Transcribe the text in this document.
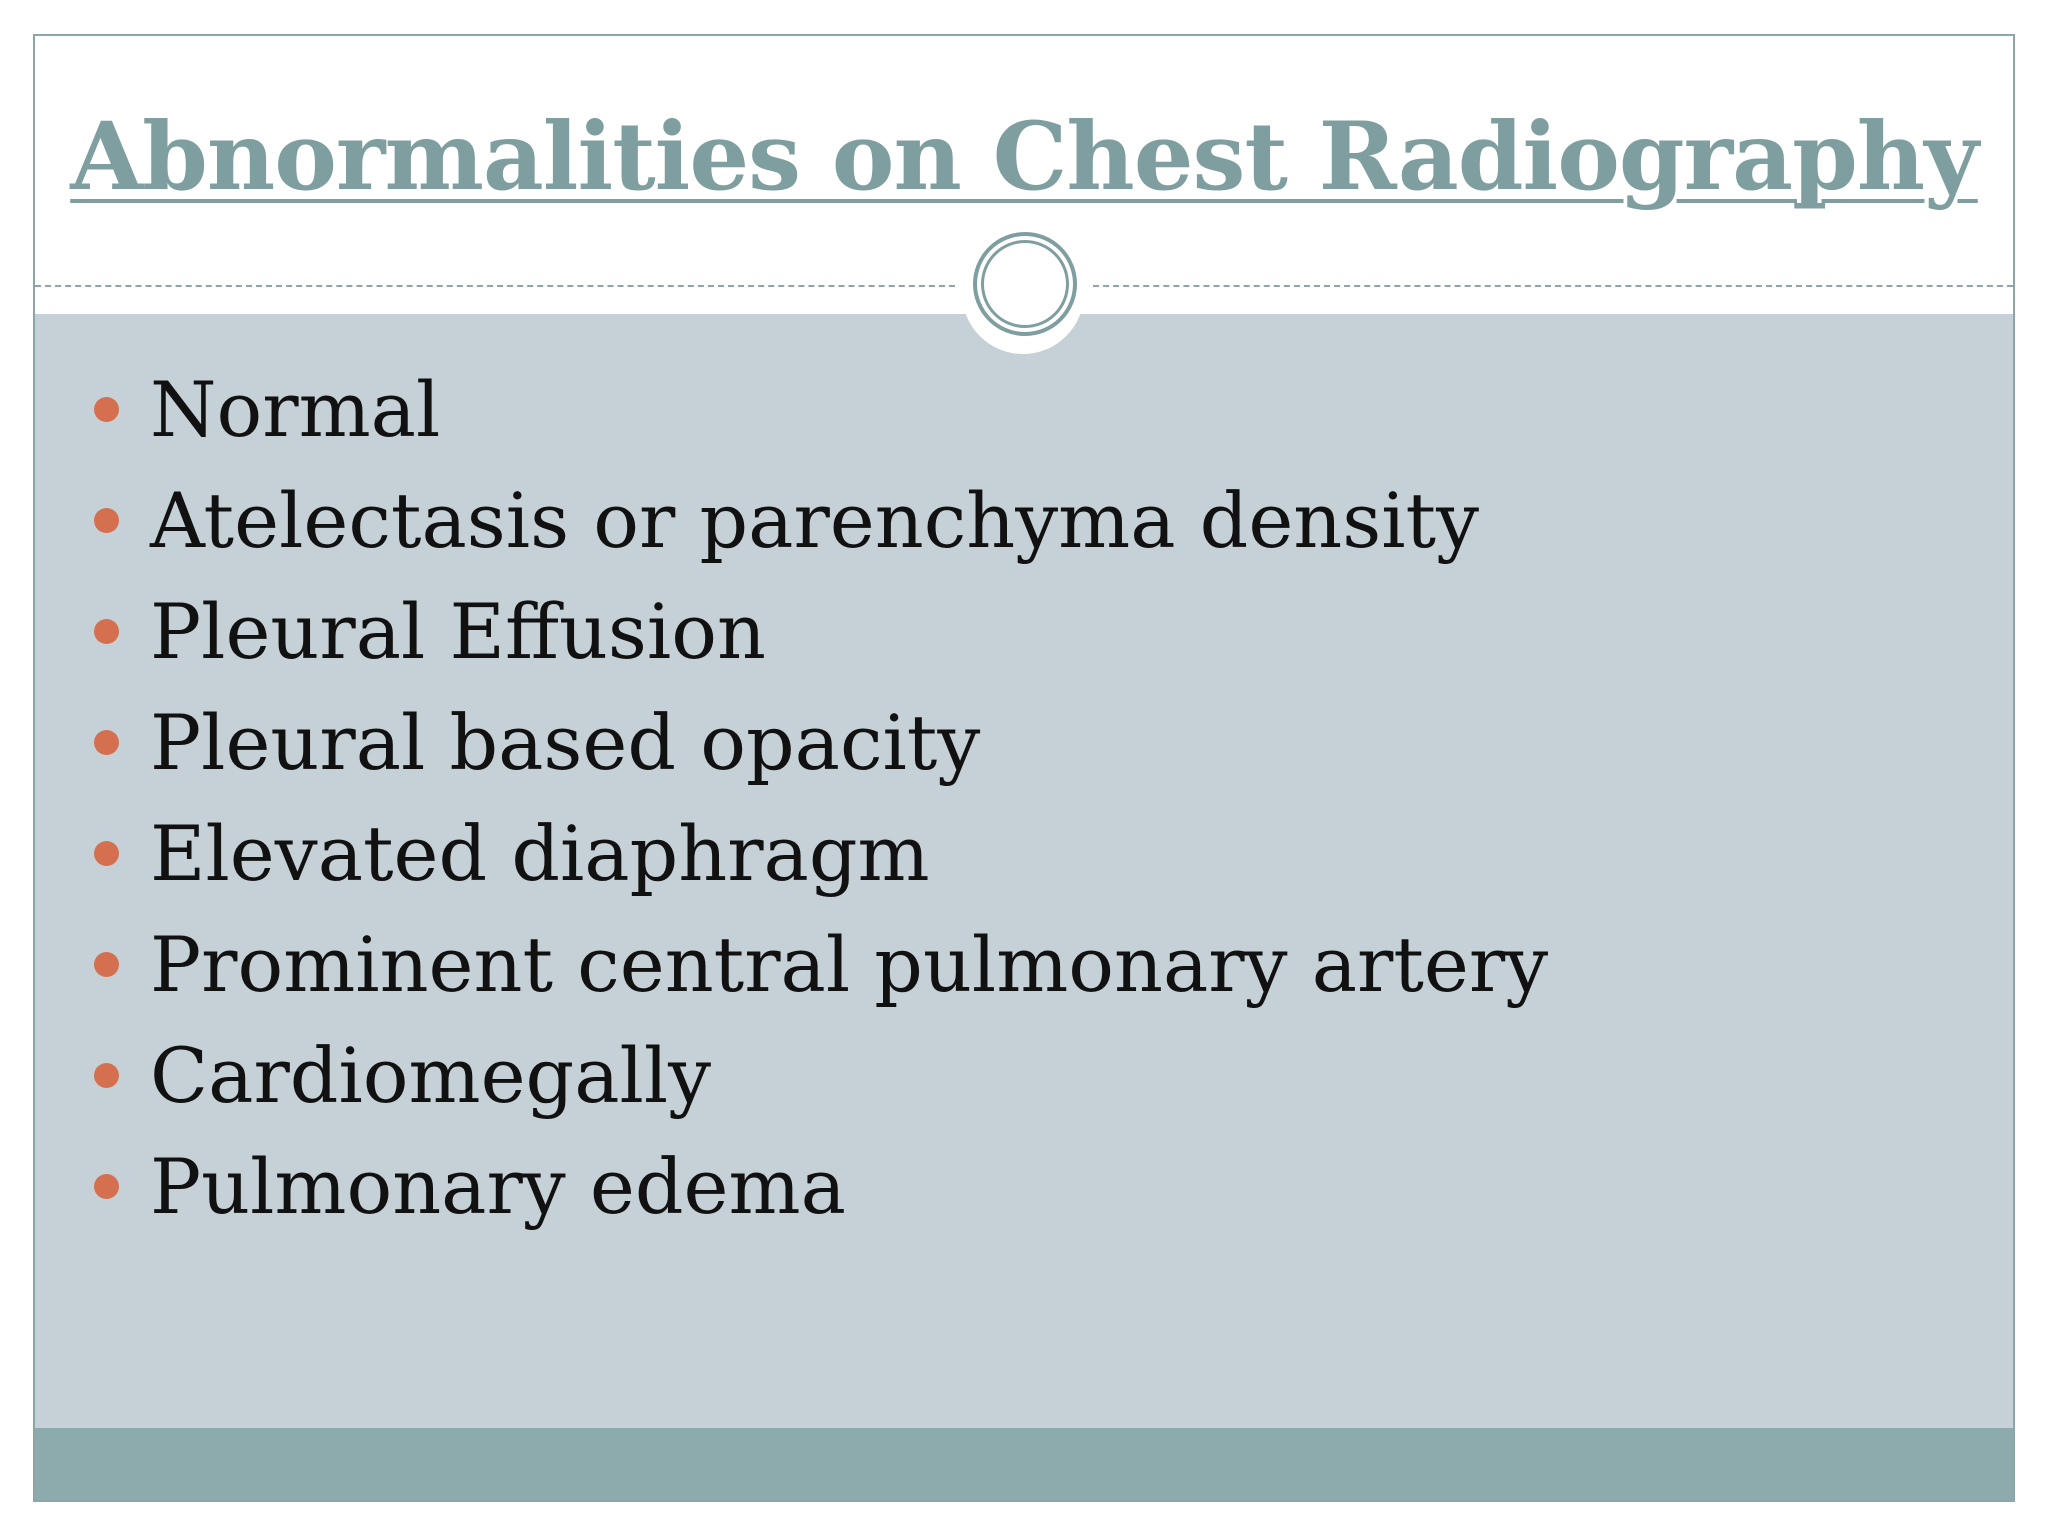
Abnormalities on Chest Radiography
Normal
Atelectasis or parenchyma density
Pleural Effusion
Pleural based opacity
Elevated diaphragm
Prominent central pulmonary artery
Cardiomegally
Pulmonary edema
